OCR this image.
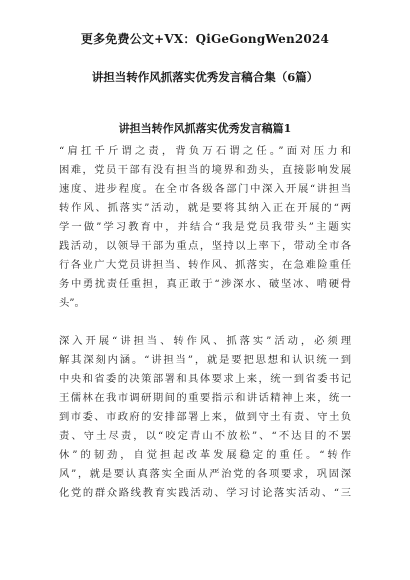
更多免费公文+VX：QiGeGongWen2024
讲担当转作风抓落实优秀发言稿合集（6篇）
讲担当转作风抓落实优秀发言稿篇1
“肩扛千斤谓之责，背负万石谓之任。”面对压力和
困难，党员干部有没有担当的境界和劲头，直接影响发展
速度、进步程度。在全市各级各部门中深入开展“讲担当
转作风、抓落实”活动，就是要将其纳入正在开展的“两
学一做”学习教育中，并结合“我是党员我带头”主题实
践活动，以领导干部为重点，坚持以上率下，带动全市各
行各业广大党员讲担当、转作风、抓落实，在急难险重任
务中勇扰责任重担，真正敢于“涉深水、破坚冰、啃硬骨
头”。
深入开展“讲担当、转作风、抓落实”活动，必须理
解其深刻内涵。“讲担当”，就是要把思想和认识统一到
中央和省委的决策部署和具体要求上来，统一到省委书记
王儒林在我市调研期间的重要指示和讲话精神上来，统一
到市委、市政府的安排部署上来，做到守土有责、守土负
责、守土尽责，以“咬定青山不放松”、“不达目的不罢
休”的韧劲，自觉担起改革发展稳定的重任。“转作
风”，就是要认真落实全面从严治党的各项要求，巩固深
化党的群众路线教育实践活动、学习讨论落实活动、“三
